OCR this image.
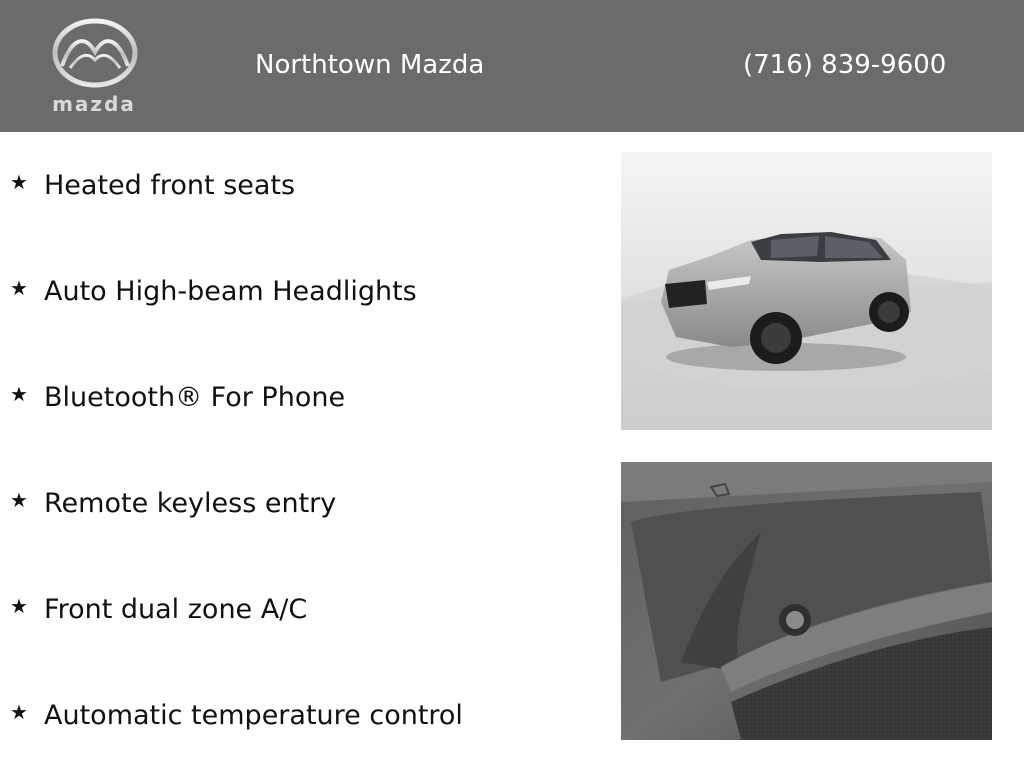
mazda
Northtown Mazda	(716) 839-9600
★ Heated front seats
★ Auto High-beam Headlights
★ Bluetooth® For Phone
★ Remote keyless entry
★ Front dual zone A/C
★ Automatic temperature control
